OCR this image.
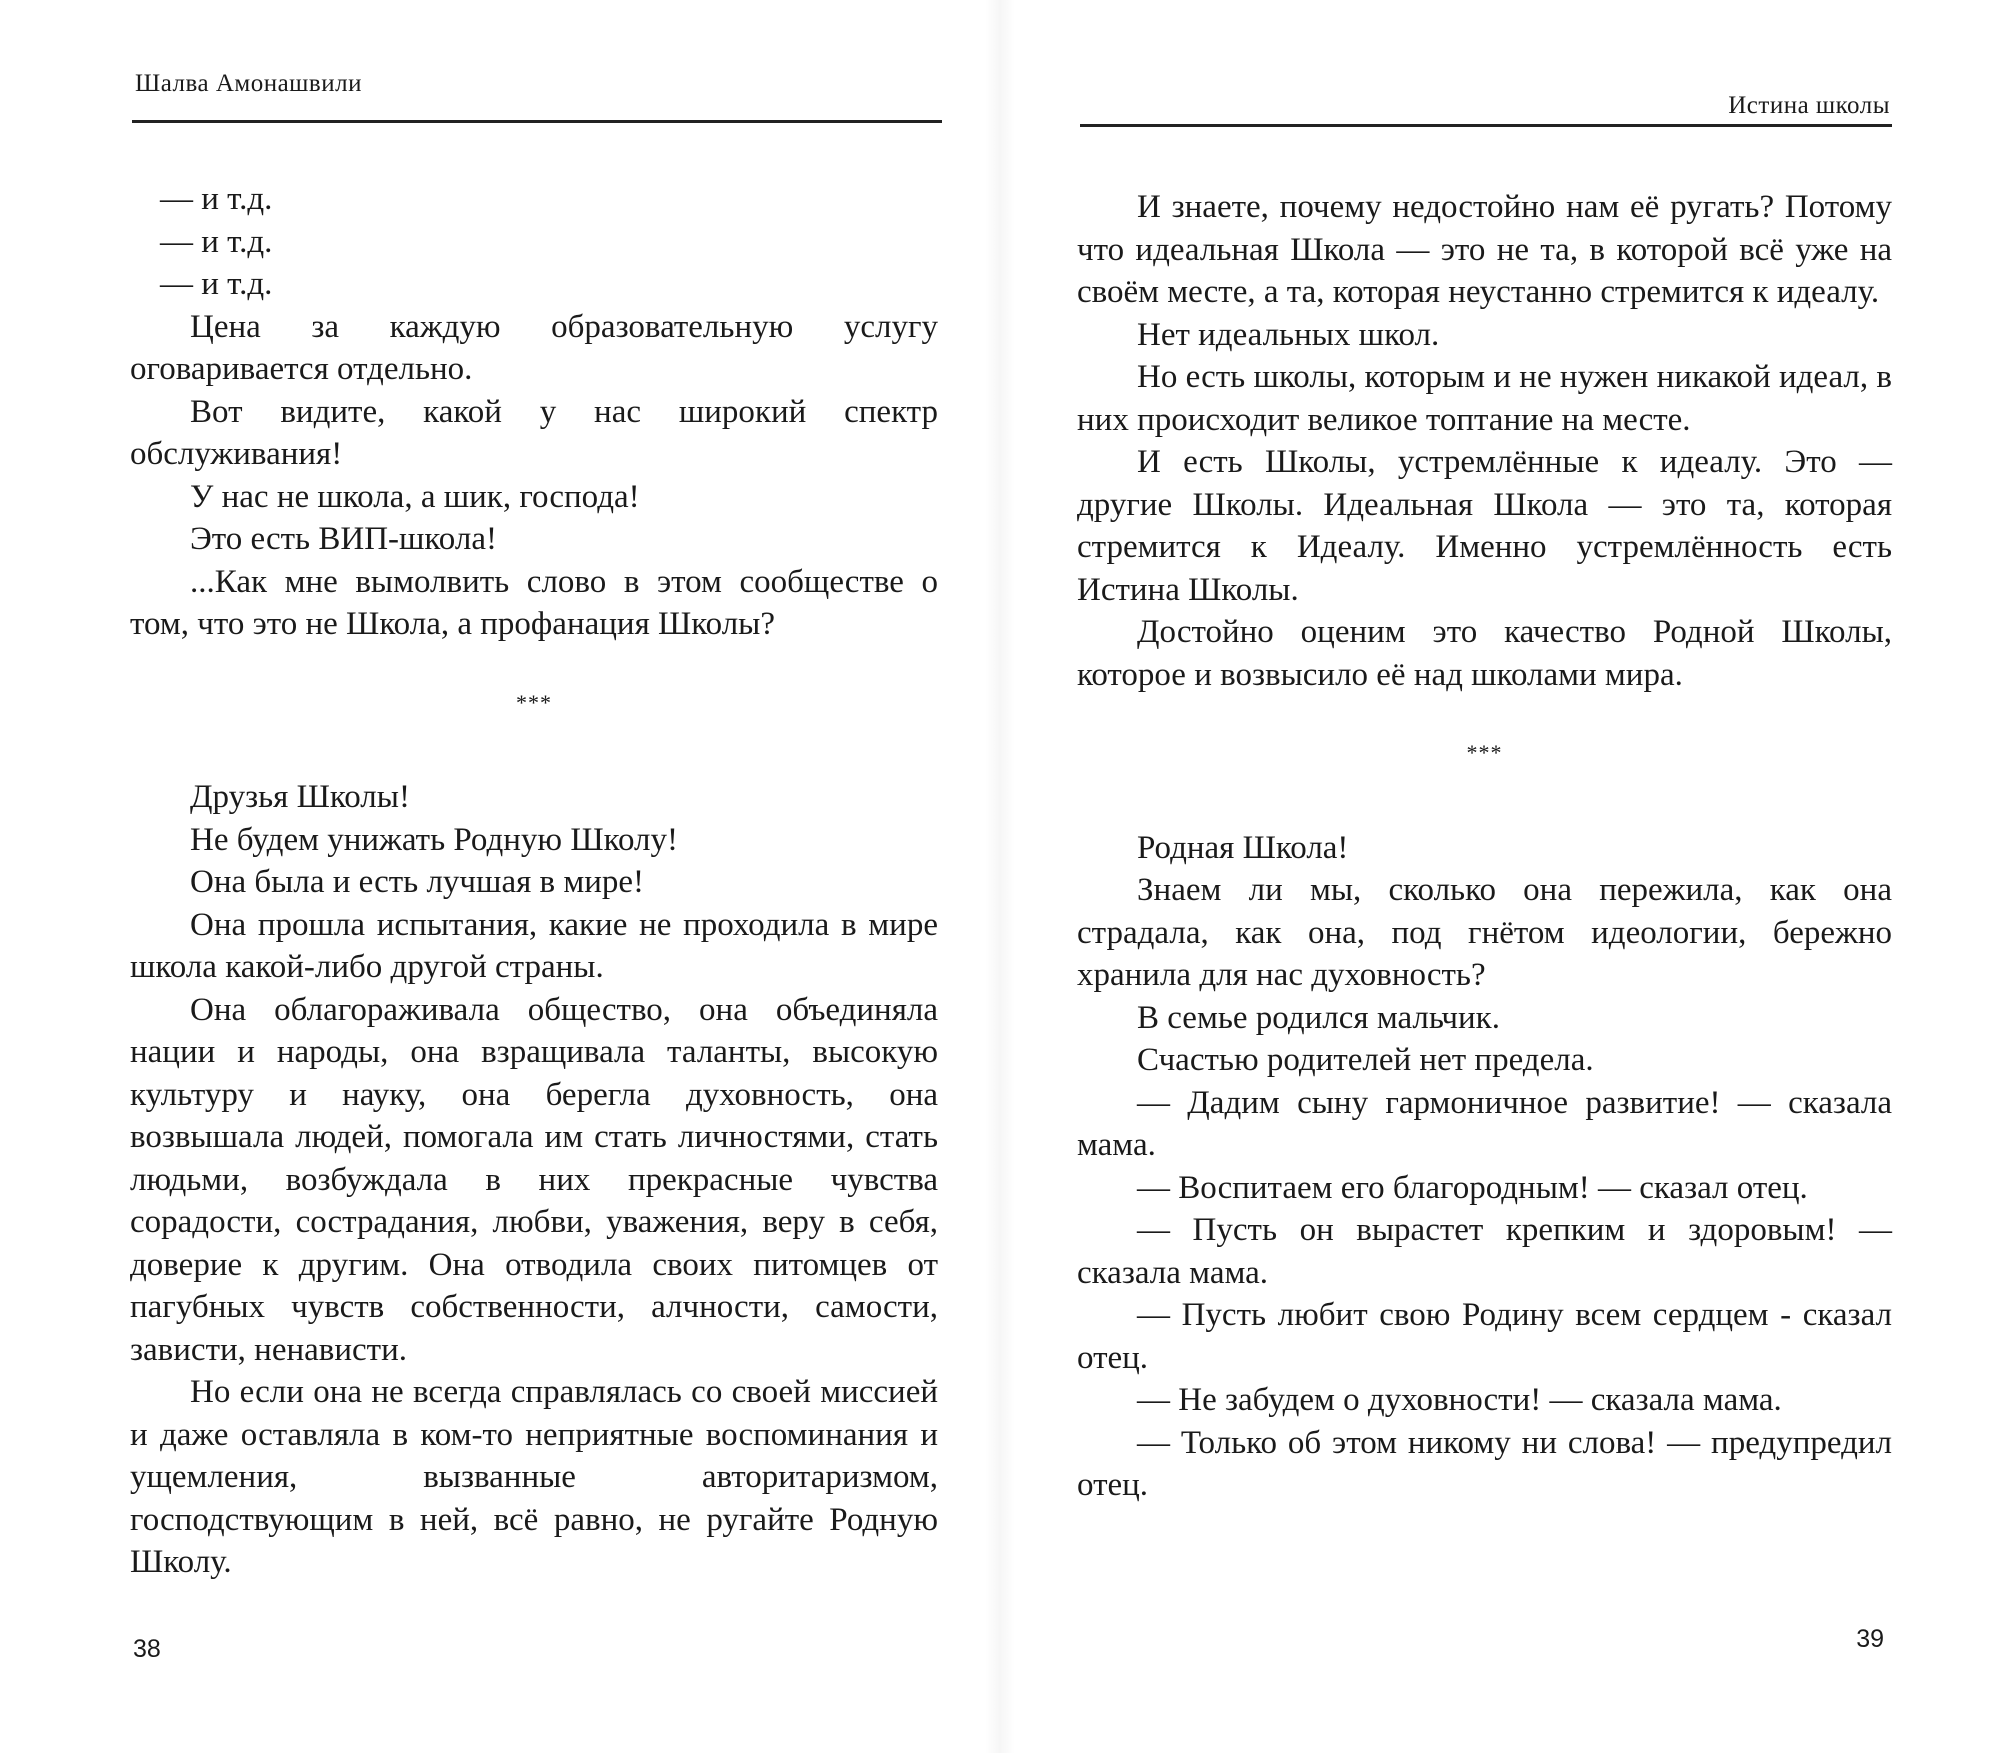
Шалва Амонашвили

— и т.д.

— и т.д.

— и т.д.

Цена за каждую образовательную услугу оговаривается отдельно.

Вот видите, какой у нас широкий спектр обслуживания!

У нас не школа, а шик, господа!

Это есть ВИП-школа!

...Как мне вымолвить слово в этом сообществе о том, что это не Школа, а профанация Школы?

***

Друзья Школы!

Не будем унижать Родную Школу!

Она была и есть лучшая в мире!

Она прошла испытания, какие не проходила в мире школа какой-либо другой страны.

Она облагораживала общество, она объединяла нации и народы, она взращивала таланты, высокую культуру и науку, она берегла духовность, она возвышала людей, помогала им стать личностями, стать людьми, возбуждала в них прекрасные чувства сорадости, сострадания, любви, уважения, веру в себя, доверие к другим. Она отводила своих питомцев от пагубных чувств собственности, алчности, самости, зависти, ненависти.

Но если она не всегда справлялась со своей миссией и даже оставляла в ком-то неприятные воспоминания и ущемления, вызванные авторитаризмом, господствующим в ней, всё равно, не ругайте Родную Школу.

38
Истина школы

И знаете, почему недостойно нам её ругать? Потому что идеальная Школа — это не та, в которой всё уже на своём месте, а та, которая неустанно стремится к идеалу.

Нет идеальных школ.

Но есть школы, которым и не нужен никакой идеал, в них происходит великое топтание на месте.

И есть Школы, устремлённые к идеалу. Это — другие Школы. Идеальная Школа — это та, которая стремится к Идеалу. Именно устремлённость есть Истина Школы.

Достойно оценим это качество Родной Школы, которое и возвысило её над школами мира.

***

Родная Школа!

Знаем ли мы, сколько она пережила, как она страдала, как она, под гнётом идеологии, бережно хранила для нас духовность?

В семье родился мальчик.

Счастью родителей нет предела.

— Дадим сыну гармоничное развитие! — сказала мама.

— Воспитаем его благородным! — сказал отец.

— Пусть он вырастет крепким и здоровым! — сказала мама.

— Пусть любит свою Родину всем сердцем - сказал отец.

— Не забудем о духовности! — сказала мама.

— Только об этом никому ни слова! — предупредил отец.

39
